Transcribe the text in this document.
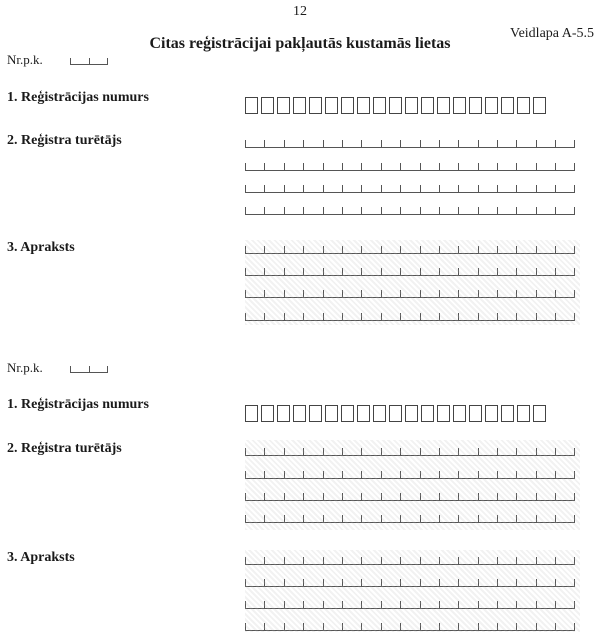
12
Veidlapa A-5.5
Citas reģistrācijai pakļautās kustamās lietas
Nr.p.k.
1. Reģistrācijas numurs
2. Reģistra turētājs
3. Apraksts
Nr.p.k.
1. Reģistrācijas numurs
2. Reģistra turētājs
3. Apraksts
